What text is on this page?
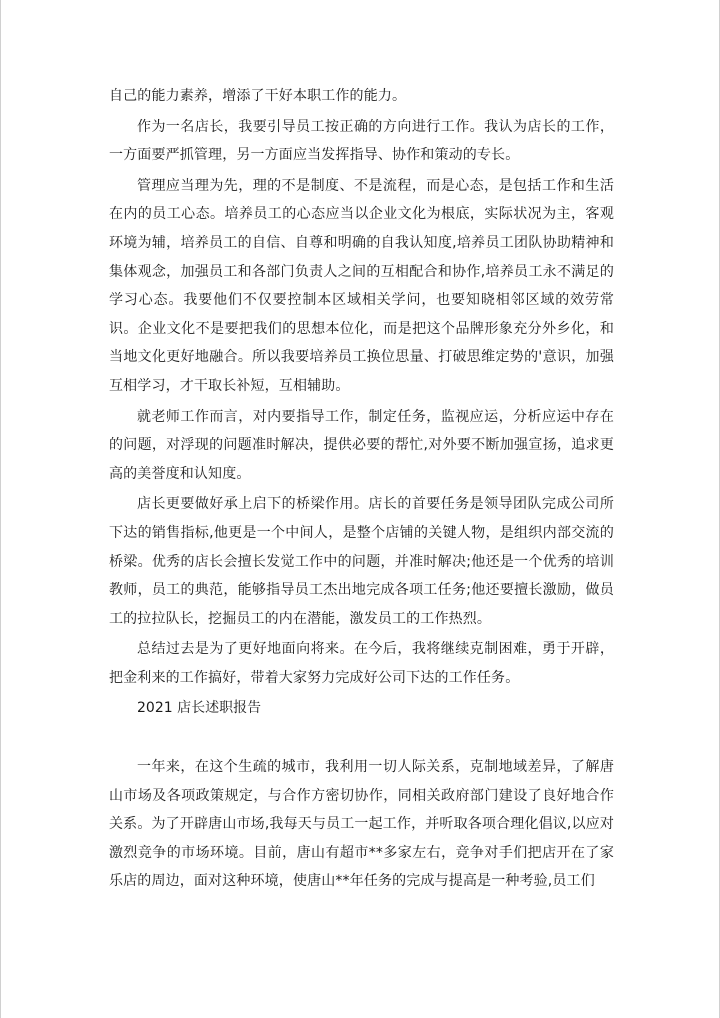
自己的能力素养，增添了干好本职工作的能力。

作为一名店长，我要引导员工按正确的方向进行工作。我认为店长的工作，一方面要严抓管理，另一方面应当发挥指导、协作和策动的专长。

管理应当理为先，理的不是制度、不是流程，而是心态，是包括工作和生活在内的员工心态。培养员工的心态应当以企业文化为根底，实际状况为主，客观环境为辅，培养员工的自信、自尊和明确的自我认知度,培养员工团队协助精神和集体观念，加强员工和各部门负责人之间的互相配合和协作,培养员工永不满足的学习心态。我要他们不仅要控制本区域相关学问，也要知晓相邻区域的效劳常识。企业文化不是要把我们的思想本位化，而是把这个品牌形象充分外乡化，和当地文化更好地融合。所以我要培养员工换位思量、打破思维定势的'意识，加强互相学习，才干取长补短，互相辅助。

就老师工作而言，对内要指导工作，制定任务，监视应运，分析应运中存在的问题，对浮现的问题准时解决，提供必要的帮忙,对外要不断加强宣扬，追求更高的美誉度和认知度。

店长更要做好承上启下的桥梁作用。店长的首要任务是领导团队完成公司所下达的销售指标,他更是一个中间人，是整个店铺的关键人物，是组织内部交流的桥梁。优秀的店长会擅长发觉工作中的问题，并准时解决;他还是一个优秀的培训教师，员工的典范，能够指导员工杰出地完成各项工任务;他还要擅长激励，做员工的拉拉队长，挖掘员工的内在潜能，激发员工的工作热烈。

总结过去是为了更好地面向将来。在今后，我将继续克制困难，勇于开辟，把金利来的工作搞好，带着大家努力完成好公司下达的工作任务。

2021 店长述职报告

一年来，在这个生疏的城市，我利用一切人际关系，克制地域差异，了解唐山市场及各项政策规定，与合作方密切协作，同相关政府部门建设了良好地合作关系。为了开辟唐山市场,我每天与员工一起工作，并听取各项合理化倡议,以应对激烈竞争的市场环境。目前，唐山有超市**多家左右，竞争对手们把店开在了家乐店的周边，面对这种环境，使唐山**年任务的完成与提高是一种考验,员工们
